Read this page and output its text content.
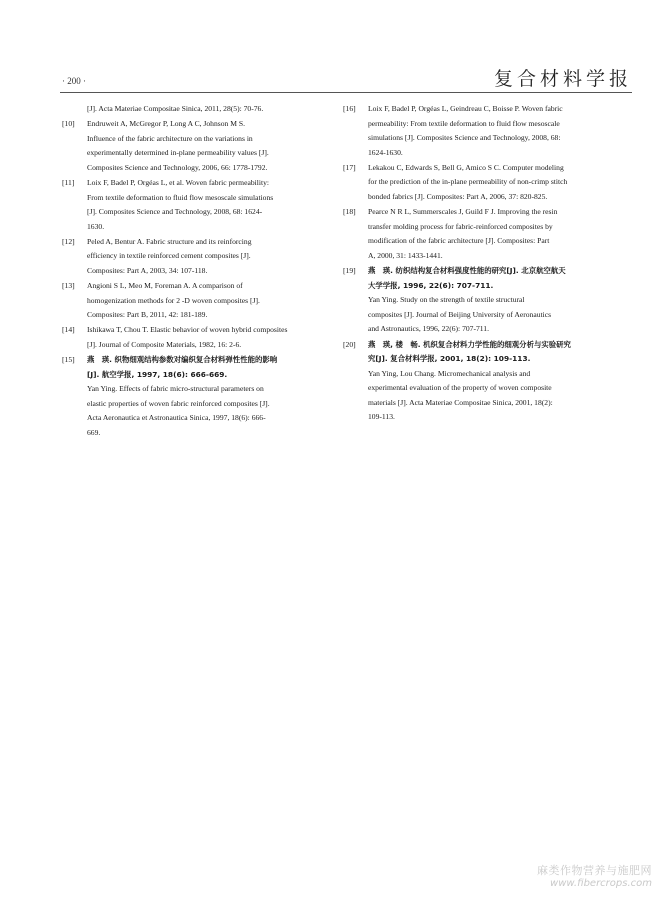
· 200 ·	复合材料学报
[J]. Acta Materiae Compositae Sinica, 2011, 28(5): 70-76.
[10]	Endruweit A, McGregor P, Long A C, Johnson M S.
Influence of the fabric architecture on the variations in
experimentally determined in-plane permeability values [J].
Composites Science and Technology, 2006, 66: 1778-1792.
[11]	Loix F, Badel P, Orgéas L, et al. Woven fabric permeability:
From textile deformation to fluid flow mesoscale simulations
[J]. Composites Science and Technology, 2008, 68: 1624-
1630.
[12]	Peled A, Bentur A. Fabric structure and its reinforcing
efficiency in textile reinforced cement composites [J].
Composites: Part A, 2003, 34: 107-118.
[13]	Angioni S L, Meo M, Foreman A. A comparison of
homogenization methods for 2 -D woven composites [J].
Composites: Part B, 2011, 42: 181-189.
[14]	Ishikawa T, Chou T. Elastic behavior of woven hybrid composites
[J]. Journal of Composite Materials, 1982, 16: 2-6.
[15]	燕　瑛. 织物细观结构参数对编织复合材料弹性性能的影响
[J]. 航空学报, 1997, 18(6): 666-669.
Yan Ying. Effects of fabric micro-structural parameters on
elastic properties of woven fabric reinforced composites [J].
Acta Aeronautica et Astronautica Sinica, 1997, 18(6): 666-
669.
[16]	Loix F, Badel P, Orgéas L, Geindreau C, Boisse P. Woven fabric
permeability: From textile deformation to fluid flow mesoscale
simulations [J]. Composites Science and Technology, 2008, 68:
1624-1630.
[17]	Lekakou C, Edwards S, Bell G, Amico S C. Computer modeling
for the prediction of the in-plane permeability of non-crimp stitch
bonded fabrics [J]. Composites: Part A, 2006, 37: 820-825.
[18]	Pearce N R L, Summerscales J, Guild F J. Improving the resin
transfer molding process for fabric-reinforced composites by
modification of the fabric architecture [J]. Composites: Part
A, 2000, 31: 1433-1441.
[19]	燕　瑛. 纺织结构复合材料强度性能的研究[J]. 北京航空航天
大学学报, 1996, 22(6): 707-711.
Yan Ying. Study on the strength of textile structural
composites [J]. Journal of Beijing University of Aeronautics
and Astronautics, 1996, 22(6): 707-711.
[20]	燕　瑛, 楼　畅. 机织复合材料力学性能的细观分析与实验研究
究[J]. 复合材料学报, 2001, 18(2): 109-113.
Yan Ying, Lou Chang. Micromechanical analysis and
experimental evaluation of the property of woven composite
materials [J]. Acta Materiae Compositae Sinica, 2001, 18(2):
109-113.
麻类作物营养与施肥网
www.fibercrops.com
